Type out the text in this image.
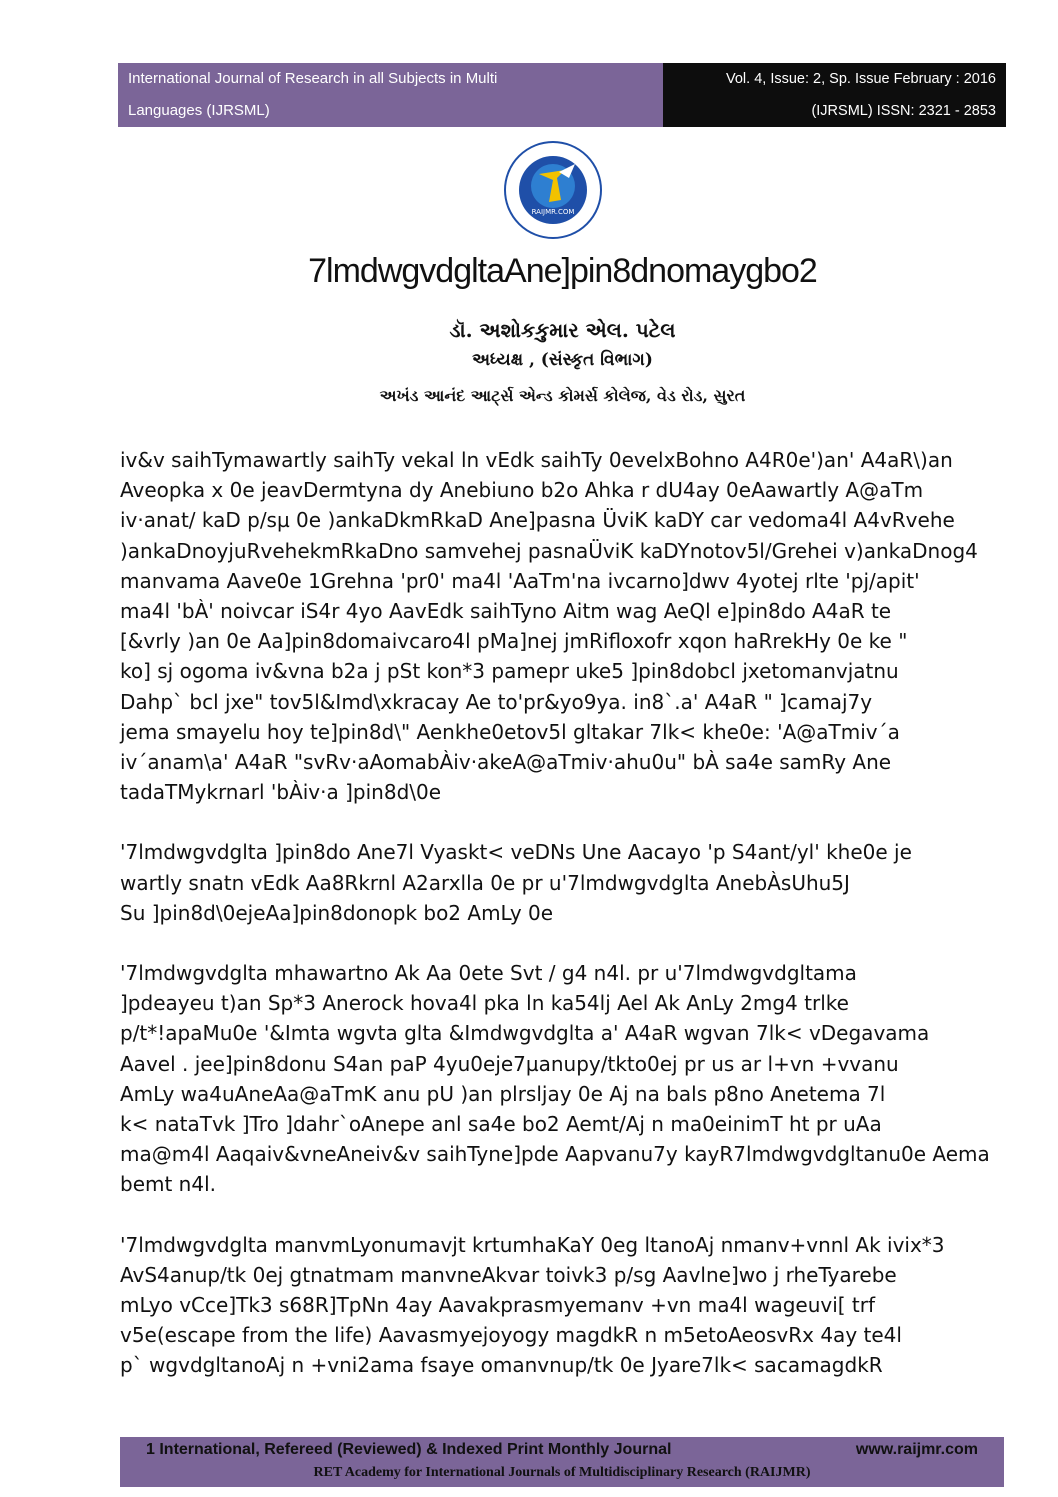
International Journal of Research in all Subjects in Multi
Languages (IJRSML)
Vol. 4, Issue: 2, Sp. Issue February : 2016
(IJRSML) ISSN: 2321 - 2853
RAIJMR.COM
7lmdwgvdgltaAne]pin8dnomaygbo2
ડૉ. અશોકકુમાર એલ. પટેલ
અધ્યક્ષ , (સંસ્કૃત વિભાગ)
અખંડ આનંદ આર્ટ્સ એન્ડ કોમર્સ કોલેજ, વેડ રોડ, સુરત

iv&v saihTymawartly saihTy vekal ln vEdk saihTy 0evelxBohno A4R0e')an' A4aR\)an
Aveopka x 0e jeavDermtyna dy Anebiuno b2o Ahka r dU4ay 0eAawartly A@aTm
iv·anat/ kaD p/sµ 0e )ankaDkmRkaD Ane]pasna ÜviK kaDY car vedoma4l A4vRvehe
)ankaDnoyjuRvehekmRkaDno samvehej pasnaÜviK kaDYnotov5l/Grehei v)ankaDnog4
manvama Aave0e 1Grehna 'pr0' ma4l 'AaTm'na ivcarno]dwv 4yotej rlte 'pj/apit'
ma4l 'bÀ' noivcar iS4r 4yo AavEdk saihTyno Aitm wag AeQl e]pin8do A4aR te
[&vrly )an 0e Aa]pin8domaivcaro4l pMa]nej jmRifloxofr xqon haRrekHy 0e ke "
ko] sj ogoma iv&vna b2a j pSt kon*3 pamepr uke5 ]pin8dobcl jxetomanvjatnu
Dahp` bcl jxe" tov5l&Imd\xkracay Ae to'pr&yo9ya. in8`.a' A4aR " ]camaj7y
jema smayelu hoy te]pin8d\" Aenkhe0etov5l gltakar 7lk< khe0e: 'A@aTmiv´a
iv´anam\a' A4aR "svRv·aAomabÀiv·akeA@aTmiv·ahu0u" bÀ sa4e samRy Ane
tadaTMykrnarl 'bÀiv·a ]pin8d\0e

'7lmdwgvdglta ]pin8do Ane7l Vyaskt< veDNs Une Aacayo 'p S4ant/yl' khe0e je
wartly snatn vEdk Aa8Rkrnl A2arxlla 0e pr u'7lmdwgvdglta AnebÀsUhu5J
Su ]pin8d\0ejeAa]pin8donopk bo2 AmLy 0e

'7lmdwgvdglta mhawartno Ak Aa 0ete Svt / g4 n4l. pr u'7lmdwgvdgltama
]pdeayeu t)an Sp*3 Anerock hova4l pka ln ka54lj Ael Ak AnLy 2mg4 trlke
p/t*!apaMu0e '&Imta wgvta glta &Imdwgvdglta a' A4aR wgvan 7lk< vDegavama
Aavel . jee]pin8donu S4an paP 4yu0eje7µanupy/tkto0ej pr us ar l+vn +vvanu
AmLy wa4uAneAa@aTmK anu pU )an plrsljay 0e Aj na bals p8no Anetema 7l
k< nataTvk ]Tro ]dahr`oAnepe anl sa4e bo2 Aemt/Aj n ma0einimT ht pr uAa
ma@m4l Aaqaiv&vneAneiv&v saihTyne]pde Aapvanu7y kayR7lmdwgvdgltanu0e Aema
bemt n4l.

'7lmdwgvdglta manvmLyonumavjt krtumhaKaY 0eg ltanoAj nmanv+vnnl Ak ivix*3
AvS4anup/tk 0ej gtnatmam manvneAkvar toivk3 p/sg Aavlne]wo j rheTyarebe
mLyo vCce]Tk3 s68R]TpNn 4ay Aavakprasmyemanv +vn ma4l wageuvi[ trf
v5e(escape from the life) Aavasmyejoyogy magdkR n m5etoAeosvRx 4ay te4l
p` wgvdgltanoAj n +vni2ama fsaye omanvnup/tk 0e Jyare7lk< sacamagdkR

1 International, Refereed (Reviewed) & Indexed Print Monthly Journal	www.raijmr.com
RET Academy for International Journals of Multidisciplinary Research (RAIJMR)
